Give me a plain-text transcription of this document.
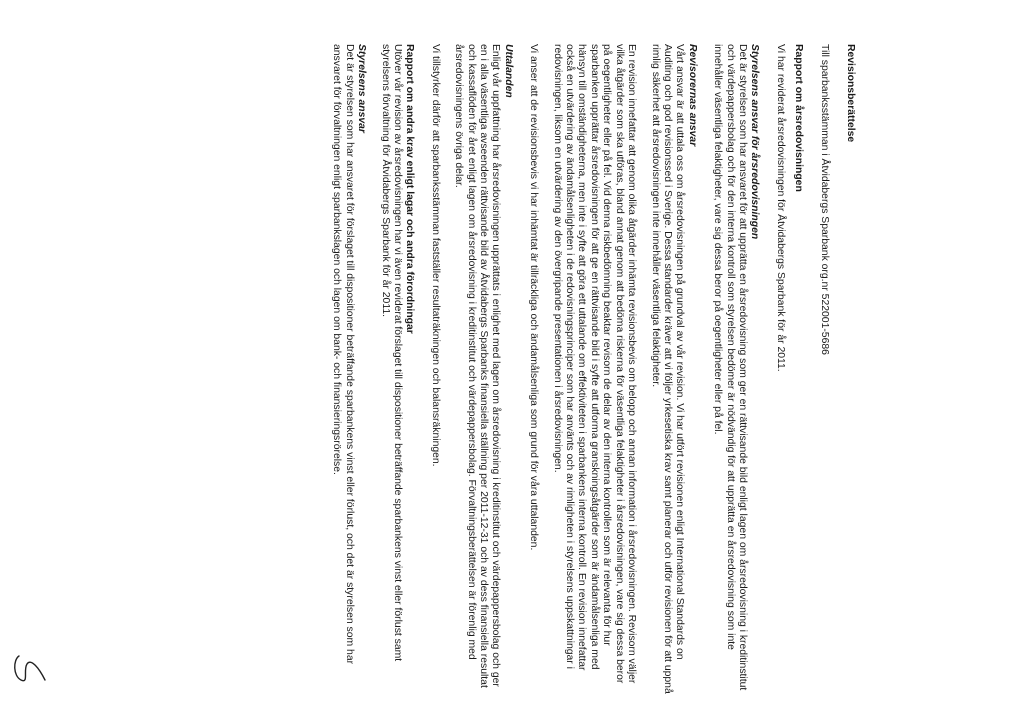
Revisionsberättelse

Till sparbanksstämman i Åtvidabergs Sparbank org.nr 522001-5686

Rapport om årsredovisningen

Vi har reviderat årsredovisningen för Åtvidabergs Sparbank för år 2011.

Styrelsens ansvar för årsredovisningen

Det är styrelsen som har ansvaret för att upprätta en årsredovisning som ger en rättvisande bild enligt lagen om årsredovisning i kreditinstitut och värdepappersbolag och för den interna kontroll som styrelsen bedömer är nödvändig för att upprätta en årsredovisning som inte innehåller väsentliga felaktigheter, vare sig dessa beror på oegentligheter eller på fel.

Revisorernas ansvar

Vårt ansvar är att uttala oss om årsredovisningen på grundval av vår revision. Vi har utfört revisionen enligt International Standards on Auditing och god revisionssed i Sverige. Dessa standarder kräver att vi följer yrkesetiska krav samt planerar och utför revisionen för att uppnå rimlig säkerhet att årsredovisningen inte innehåller väsentliga felaktigheter.

En revision innefattar att genom olika åtgärder inhämta revisionsbevis om belopp och annan information i årsredovisningen. Revisorn väljer vilka åtgärder som ska utföras, bland annat genom att bedöma riskerna för väsentliga felaktigheter i årsredovisningen, vare sig dessa beror på oegentligheter eller på fel. Vid denna riskbedömning beaktar revisorn de delar av den interna kontrollen som är relevanta för hur sparbanken upprättar årsredovisningen för att ge en rättvisande bild i syfte att utforma granskningsåtgärder som är ändamålsenliga med hänsyn till omständigheterna, men inte i syfte att göra ett uttalande om effektiviteten i sparbankens interna kontroll. En revision innefattar också en utvärdering av ändamålsenligheten i de redovisningsprinciper som har använts och av rimligheten i styrelsens uppskattningar i redovisningen, liksom en utvärdering av den övergripande presentationen i årsredovisningen.

Vi anser att de revisionsbevis vi har inhämtat är tillräckliga och ändamålsenliga som grund för våra uttalanden.

Uttalanden

Enligt vår uppfattning har årsredovisningen upprättats i enlighet med lagen om årsredovisning i kreditinstitut och värdepappersbolag och ger en i alla väsentliga avseenden rättvisande bild av Åtvidabergs Sparbanks finansiella ställning per 2011-12-31 och av dess finansiella resultat och kassaflöden för året enligt lagen om årsredovisning i kreditinstitut och värdepappersbolag. Förvaltningsberättelsen är förenlig med årsredovisningens övriga delar.

Vi tillstyrker därför att sparbanksstämman fastställer resultaträkningen och balansräkningen.

Rapport om andra krav enligt lagar och andra förordningar

Utöver vår revision av årsredovisningen har vi även reviderat förslaget till dispositioner beträffande sparbankens vinst eller förlust samt styrelsens förvaltning för Åtvidabergs Sparbank för år 2011.

Styrelsens ansvar

Det är styrelsen som har ansvaret för förslaget till dispositioner beträffande sparbankens vinst eller förlust, och det är styrelsen som har ansvaret för förvaltningen enligt sparbankslagen och lagen om bank- och finansieringsrörelse.
